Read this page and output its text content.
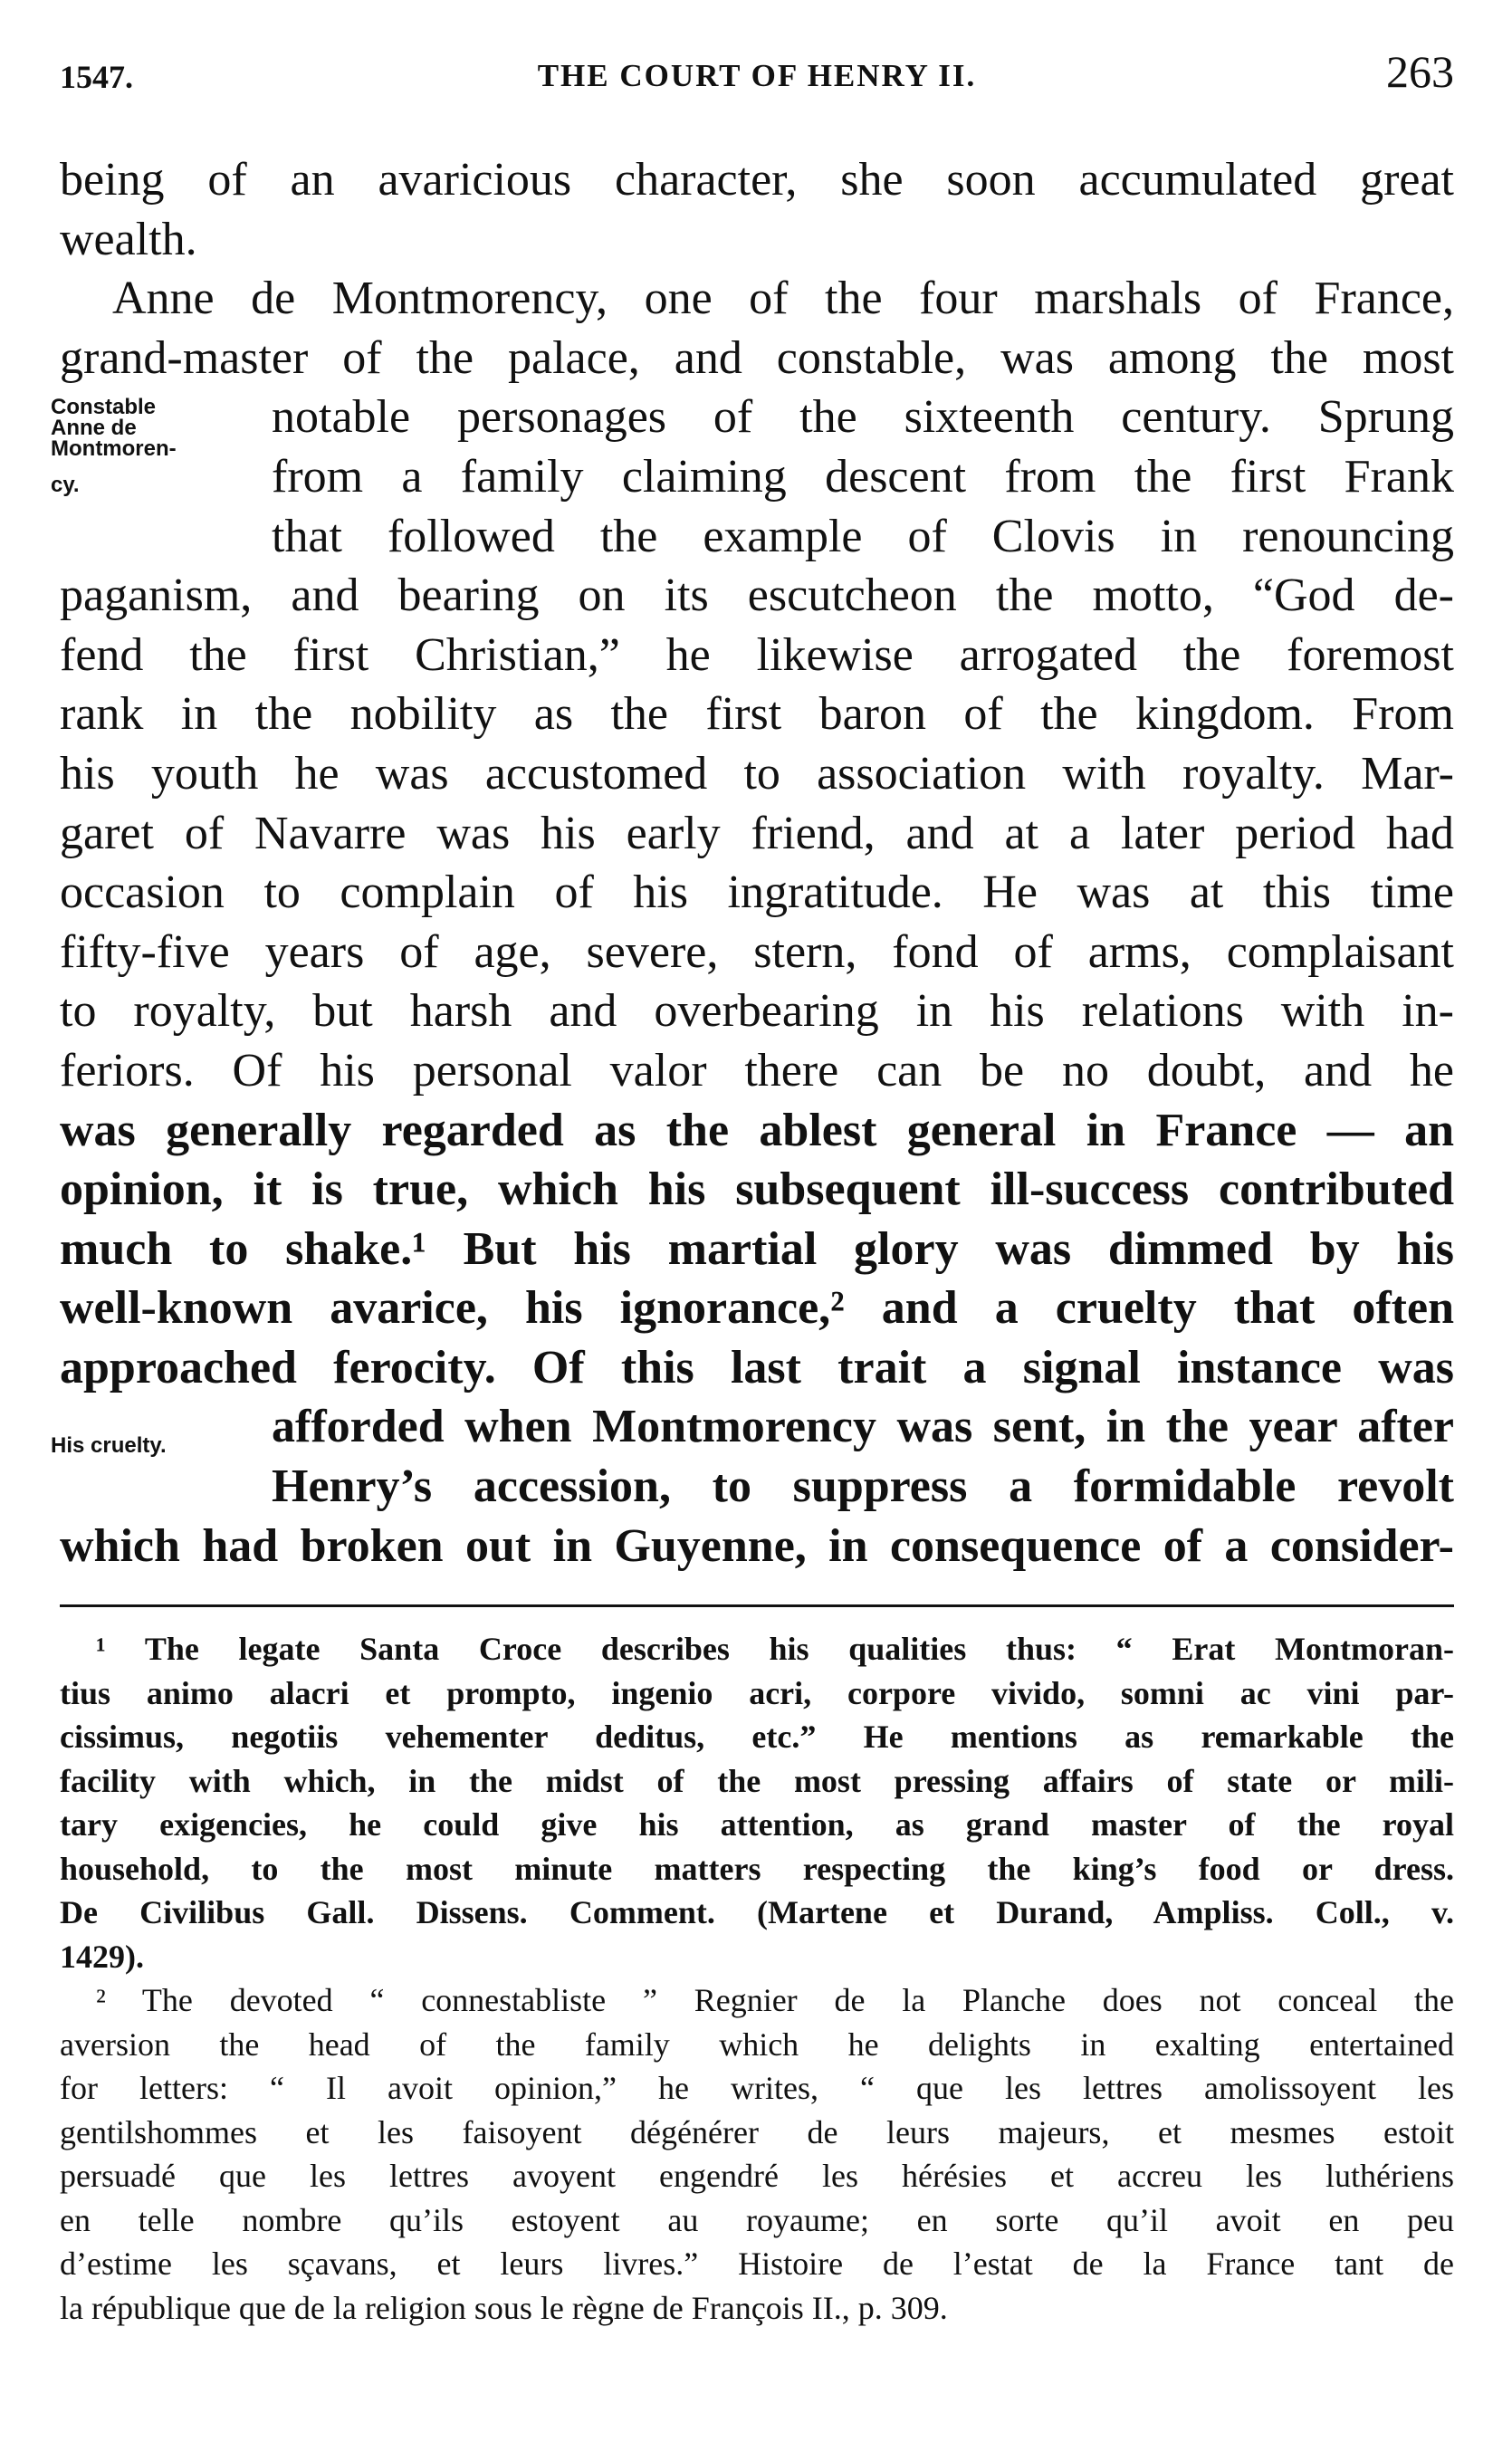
1547.	THE COURT OF HENRY II.	263
Constable
Anne de
Montmoren-
cy.
His cruelty.
being of an avaricious character, she soon accumulated great
wealth.
Anne de Montmorency, one of the four marshals of France,
grand-master of the palace, and constable, was among the most
notable personages of the sixteenth century. Sprung
from a family claiming descent from the first Frank
that followed the example of Clovis in renouncing
paganism, and bearing on its escutcheon the motto, “God de-
fend the first Christian,” he likewise arrogated the foremost
rank in the nobility as the first baron of the kingdom. From
his youth he was accustomed to association with royalty. Mar-
garet of Navarre was his early friend, and at a later period had
occasion to complain of his ingratitude. He was at this time
fifty-five years of age, severe, stern, fond of arms, complaisant
to royalty, but harsh and overbearing in his relations with in-
feriors. Of his personal valor there can be no doubt, and he
was generally regarded as the ablest general in France — an
opinion, it is true, which his subsequent ill-success contributed
much to shake.¹ But his martial glory was dimmed by his
well-known avarice, his ignorance,² and a cruelty that often
approached ferocity. Of this last trait a signal instance was
afforded when Montmorency was sent, in the year after
Henry’s accession, to suppress a formidable revolt
which had broken out in Guyenne, in consequence of a consider-
¹ The legate Santa Croce describes his qualities thus: “ Erat Montmoran-
tius animo alacri et prompto, ingenio acri, corpore vivido, somni ac vini par-
cissimus, negotiis vehementer deditus, etc.” He mentions as remarkable the
facility with which, in the midst of the most pressing affairs of state or mili-
tary exigencies, he could give his attention, as grand master of the royal
household, to the most minute matters respecting the king’s food or dress.
De Civilibus Gall. Dissens. Comment. (Martene et Durand, Ampliss. Coll., v.
1429).
² The devoted “ connestabliste ” Regnier de la Planche does not conceal the
aversion the head of the family which he delights in exalting entertained
for letters: “ Il avoit opinion,” he writes, “ que les lettres amolissoyent les
gentilshommes et les faisoyent dégénérer de leurs majeurs, et mesmes estoit
persuadé que les lettres avoyent engendré les hérésies et accreu les luthériens
en telle nombre qu’ils estoyent au royaume; en sorte qu’il avoit en peu
d’estime les sçavans, et leurs livres.” Histoire de l’estat de la France tant de
la république que de la religion sous le règne de François II., p. 309.
